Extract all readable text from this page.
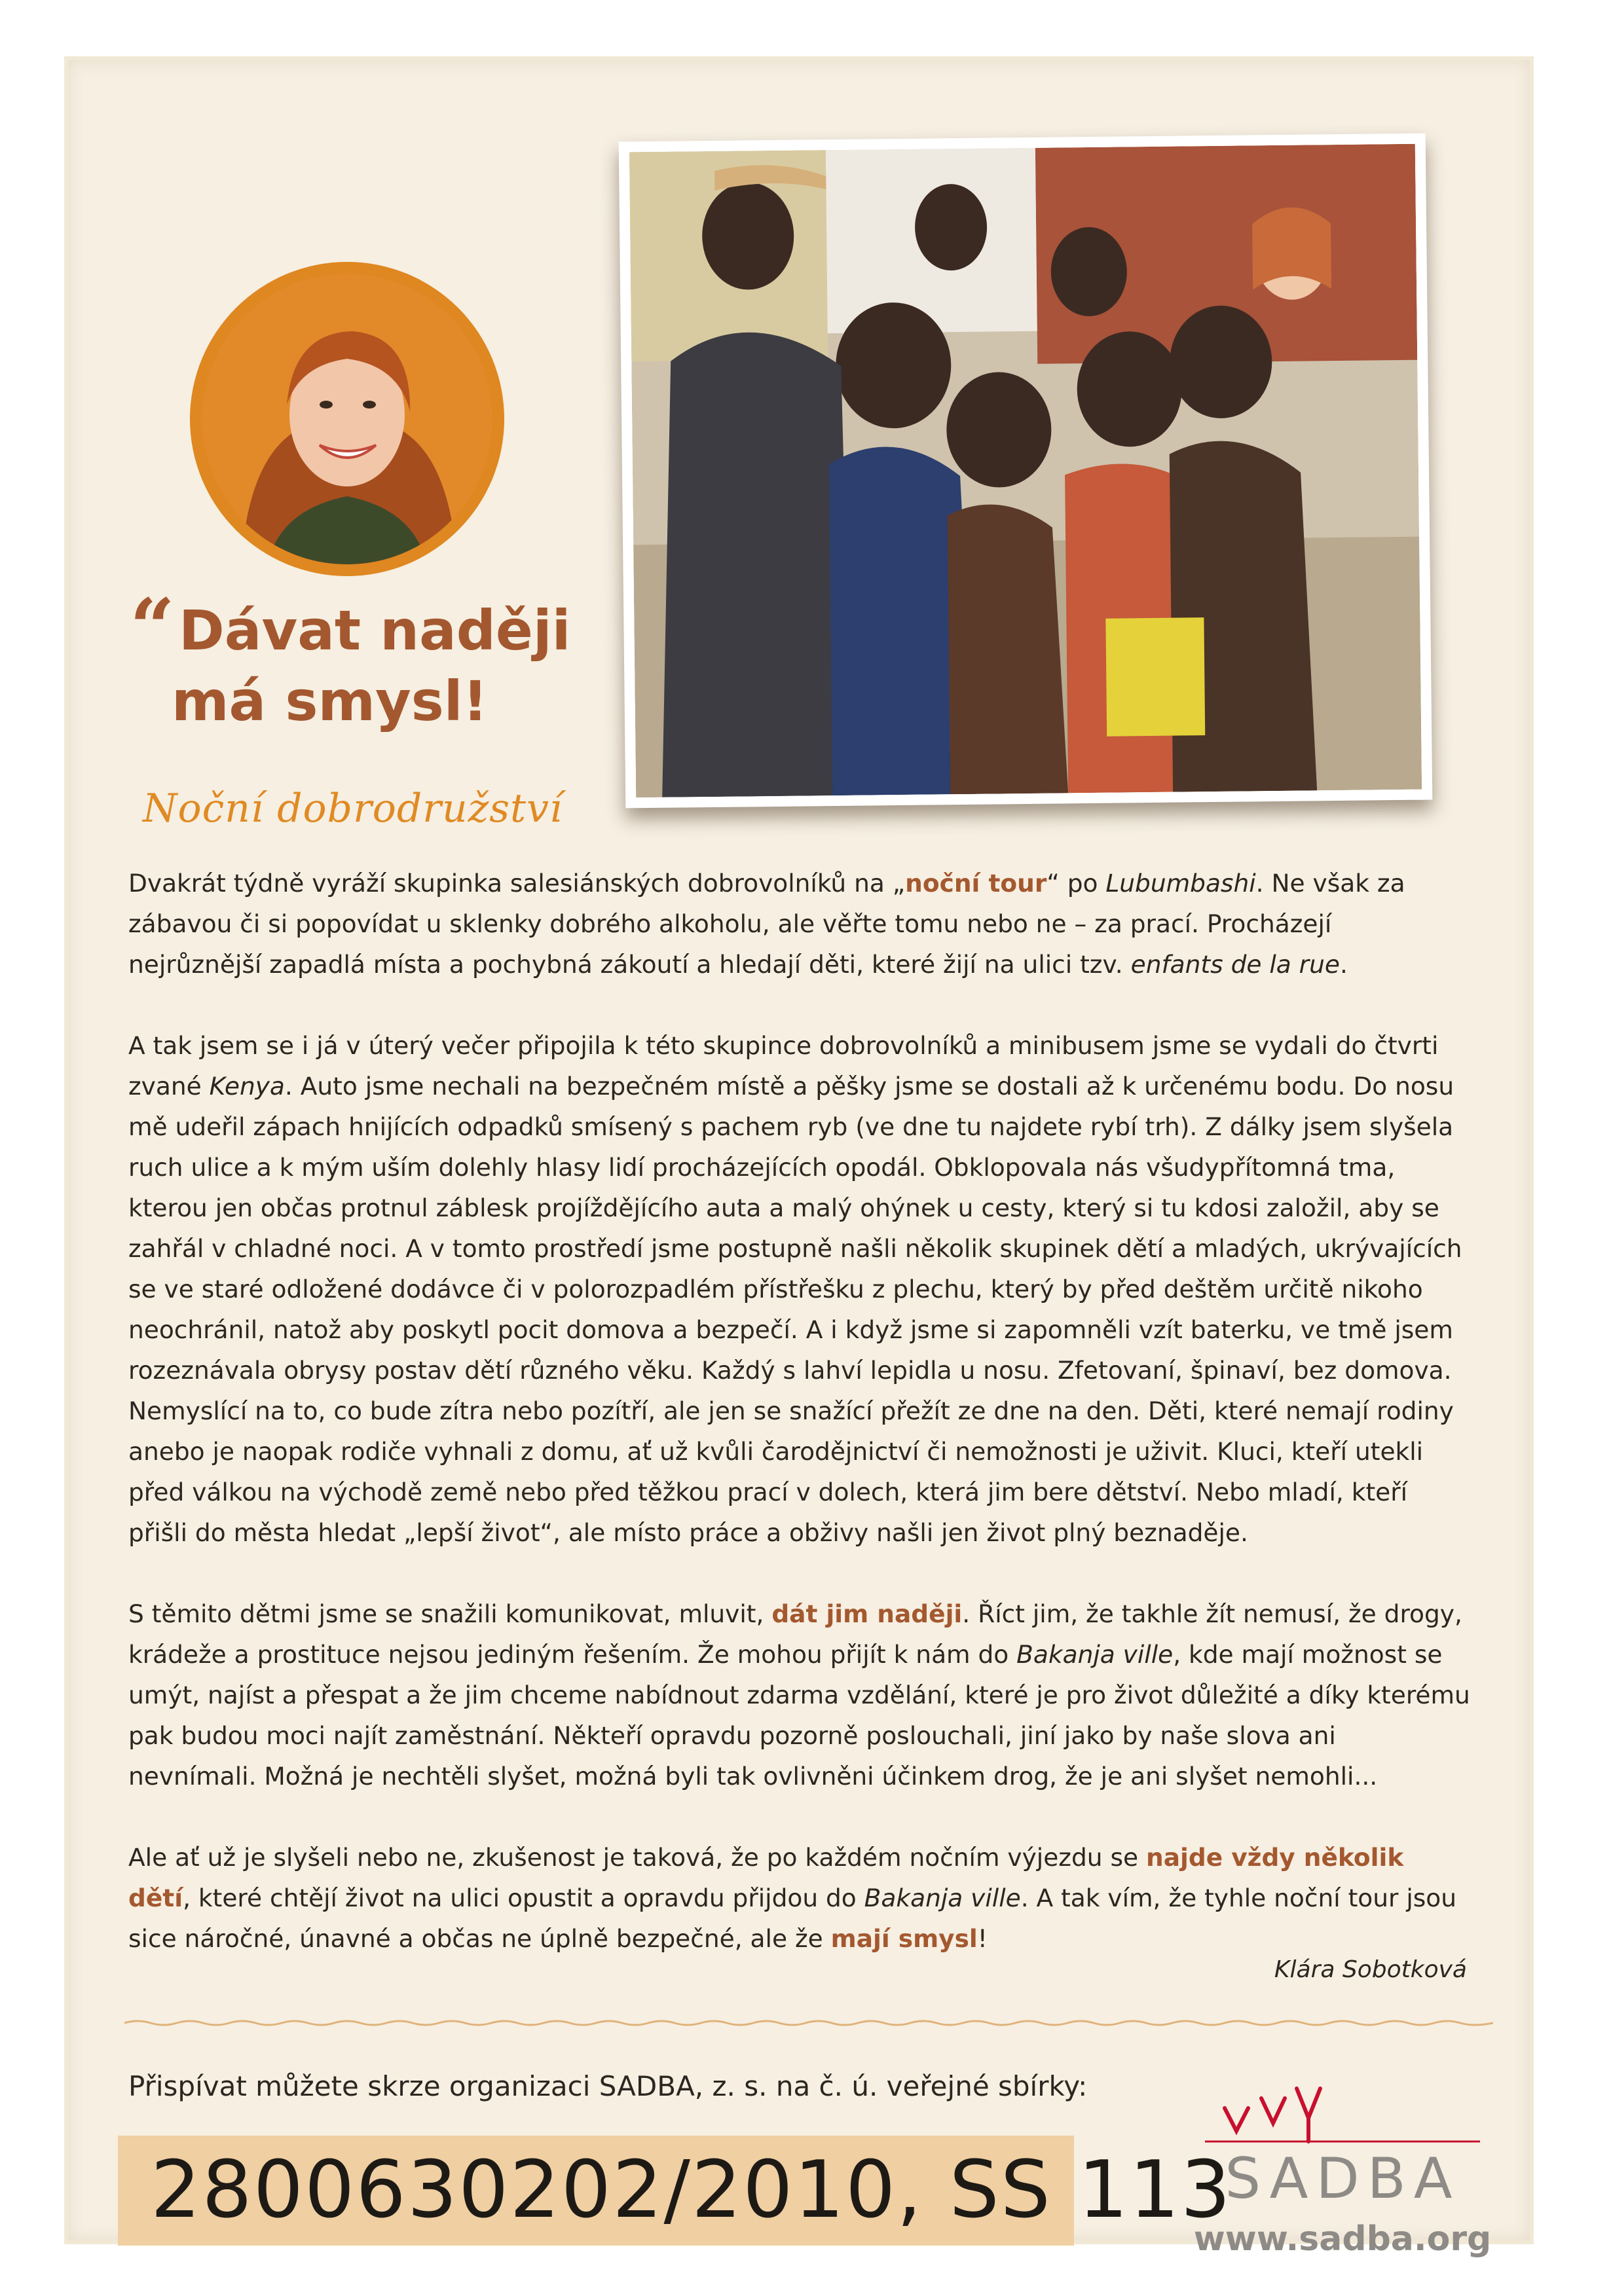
“Dávat naději
má smysl!
Noční dobrodružství

Dvakrát týdně vyráží skupinka salesiánských dobrovolníků na „noční tour“ po Lubumbashi. Ne však za zábavou či si popovídat u sklenky dobrého alkoholu, ale věřte tomu nebo ne – za prací. Procházejí nejrůznější zapadlá místa a pochybná zákoutí a hledají děti, které žijí na ulici tzv. enfants de la rue.

A tak jsem se i já v úterý večer připojila k této skupince dobrovolníků a minibusem jsme se vydali do čtvrti zvané Kenya. Auto jsme nechali na bezpečném místě a pěšky jsme se dostali až k určenému bodu. Do nosu mě udeřil zápach hnijících odpadků smísený s pachem ryb (ve dne tu najdete rybí trh). Z dálky jsem slyšela ruch ulice a k mým uším dolehly hlasy lidí procházejících opodál. Obklopovala nás všudypřítomná tma, kterou jen občas protnul záblesk projíždějícího auta a malý ohýnek u cesty, který si tu kdosi založil, aby se zahřál v chladné noci. A v tomto prostředí jsme postupně našli několik skupinek dětí a mladých, ukrývajících se ve staré odložené dodávce či v polorozpadlém přístřešku z plechu, který by před deštěm určitě nikoho neochránil, natož aby poskytl pocit domova a bezpečí. A i když jsme si zapomněli vzít baterku, ve tmě jsem rozeznávala obrysy postav dětí různého věku. Každý s lahví lepidla u nosu. Zfetovaní, špinaví, bez domova. Nemyslící na to, co bude zítra nebo pozítří, ale jen se snažící přežít ze dne na den. Děti, které nemají rodiny anebo je naopak rodiče vyhnali z domu, ať už kvůli čarodějnictví či nemožnosti je uživit. Kluci, kteří utekli před válkou na východě země nebo před těžkou prací v dolech, která jim bere dětství. Nebo mladí, kteří přišli do města hledat „lepší život“, ale místo práce a obživy našli jen život plný beznaděje.

S těmito dětmi jsme se snažili komunikovat, mluvit, dát jim naději. Říct jim, že takhle žít nemusí, že drogy, krádeže a prostituce nejsou jediným řešením. Že mohou přijít k nám do Bakanja ville, kde mají možnost se umýt, najíst a přespat a že jim chceme nabídnout zdarma vzdělání, které je pro život důležité a díky kterému pak budou moci najít zaměstnání. Někteří opravdu pozorně poslouchali, jiní jako by naše slova ani nevnímali. Možná je nechtěli slyšet, možná byli tak ovlivněni účinkem drog, že je ani slyšet nemohli...

Ale ať už je slyšeli nebo ne, zkušenost je taková, že po každém nočním výjezdu se najde vždy několik dětí, které chtějí život na ulici opustit a opravdu přijdou do Bakanja ville. A tak vím, že tyhle noční tour jsou sice náročné, únavné a občas ne úplně bezpečné, ale že mají smysl!

Klára Sobotková
Přispívat můžete skrze organizaci SADBA, z. s. na č. ú. veřejné sbírky:
2800630202/2010, SS 113
SADBA
www.sadba.org
